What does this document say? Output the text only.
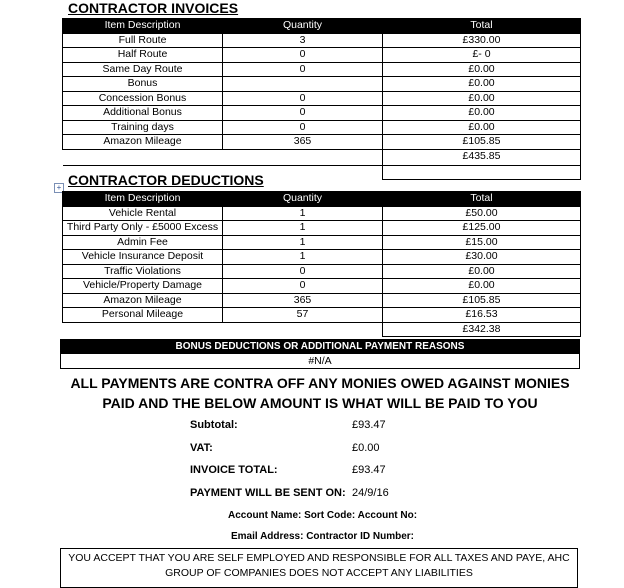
CONTRACTOR INVOICES
Item Description	Quantity	Total
Full Route	3	£330.00
Half Route	0	£- 0
Same Day Route	0	£0.00
Bonus		£0.00
Concession Bonus	0	£0.00
Additional Bonus	0	£0.00
Training days	0	£0.00
Amazon Mileage	365	£105.85
		£435.85

+ CONTRACTOR DEDUCTIONS
Item Description	Quantity	Total
Vehicle Rental	1	£50.00
Third Party Only - £5000 Excess	1	£125.00
Admin Fee	1	£15.00
Vehicle Insurance Deposit	1	£30.00
Traffic Violations	0	£0.00
Vehicle/Property Damage	0	£0.00
Amazon Mileage	365	£105.85
Personal Mileage	57	£16.53
		£342.38
BONUS DEDUCTIONS OR ADDITIONAL PAYMENT REASONS
#N/A
ALL PAYMENTS ARE CONTRA OFF ANY MONIES OWED AGAINST MONIES PAID AND THE BELOW AMOUNT IS WHAT WILL BE PAID TO YOU
Subtotal:	£93.47
VAT:	£0.00
INVOICE TOTAL:	£93.47
PAYMENT WILL BE SENT ON: 24/9/16
Account Name: Sort Code: Account No:
Email Address: Contractor ID Number:
YOU ACCEPT THAT YOU ARE SELF EMPLOYED AND RESPONSIBLE FOR ALL TAXES AND PAYE, AHC GROUP OF COMPANIES DOES NOT ACCEPT ANY LIABILITIES
